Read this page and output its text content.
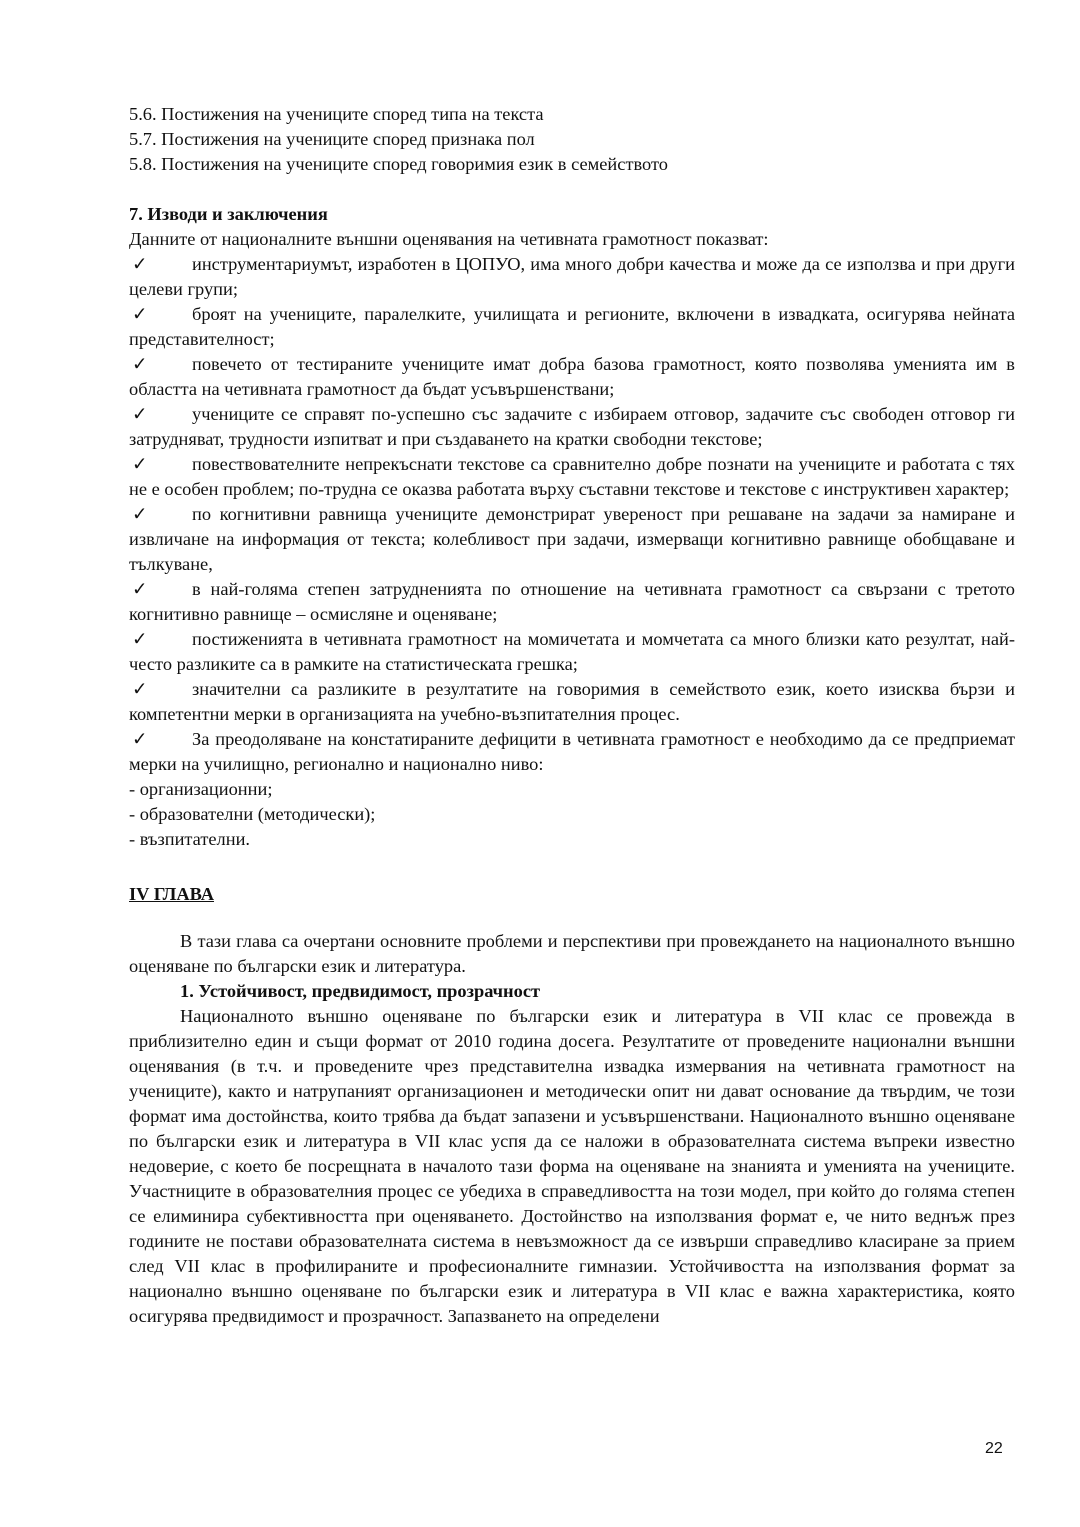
5.6. Постижения на учениците според типа на текста

5.7. Постижения на учениците според признака пол

5.8. Постижения на учениците според говоримия език в семейството

7. Изводи и заключения

Данните от националните външни оценявания на четивната грамотност показват:

✓ инструментариумът, изработен в ЦОПУО, има много добри качества и може да се използва и при други целеви групи;

✓ броят на учениците, паралелките, училищата и регионите, включени в извадката, осигурява нейната представителност;

✓ повечето от тестираните учениците имат добра базова грамотност, която позволява уменията им в областта на четивната грамотност да бъдат усъвършенствани;

✓ учениците се справят по-успешно със задачите с избираем отговор, задачите със свободен отговор ги затрудняват, трудности изпитват и при създаването на кратки свободни текстове;

✓ повествователните непрекъснати текстове са сравнително добре познати на учениците и работата с тях не е особен проблем; по-трудна се оказва работата върху съставни текстове и текстове с инструктивен характер;

✓ по когнитивни равнища учениците демонстрират увереност при решаване на задачи за намиране и извличане на информация от текста; колебливост при задачи, измерващи когнитивно равнище обобщаване и тълкуване,

✓ в най-голяма степен затрудненията по отношение на четивната грамотност са свързани с третото когнитивно равнище – осмисляне и оценяване;

✓ постиженията в четивната грамотност на момичетата и момчетата са много близки като резултат, най-често разликите са в рамките на статистическата грешка;

✓ значителни са разликите в резултатите на говоримия в семейството език, което изисква бързи и компетентни мерки в организацията на учебно-възпитателния процес.

✓ За преодоляване на констатираните дефицити в четивната грамотност е необходимо да се предприемат мерки на училищно, регионално и национално ниво:

- организационни;

- образователни (методически);

- възпитателни.

IV ГЛАВА

В тази глава са очертани основните проблеми и перспективи при провеждането на националното външно оценяване по български език и литература.

1. Устойчивост, предвидимост, прозрачност

Националното външно оценяване по български език и литература в VII клас се провежда в приблизително един и същи формат от 2010 година досега. Резултатите от проведените национални външни оценявания (в т.ч. и проведените чрез представителна извадка измервания на четивната грамотност на учениците), както и натрупаният организационен и методически опит ни дават основание да твърдим, че този формат има достойнства, които трябва да бъдат запазени и усъвършенствани. Националното външно оценяване по български език и литература в VII клас успя да се наложи в образователната система въпреки известно недоверие, с което бе посрещната в началото тази форма на оценяване на знанията и уменията на учениците. Участниците в образователния процес се убедиха в справедливостта на този модел, при който до голяма степен се елиминира субективността при оценяването. Достойнство на използвания формат е, че нито веднъж през годините не постави образователната система в невъзможност да се извърши справедливо класиране за прием след VII клас в профилираните и професионалните гимназии. Устойчивостта на използвания формат за национално външно оценяване по български език и литература в VII клас е важна характеристика, която осигурява предвидимост и прозрачност. Запазването на определени

22
